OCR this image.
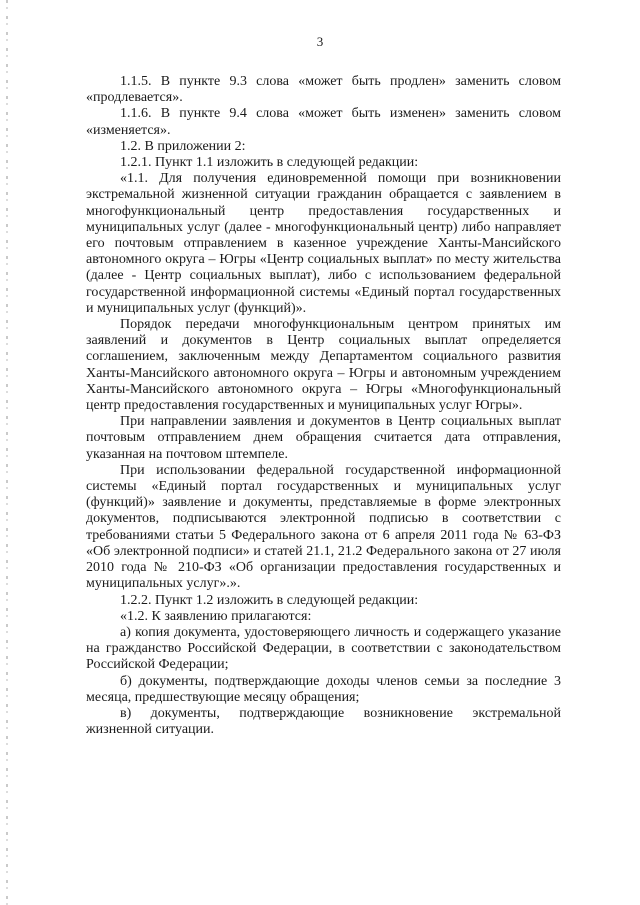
3

1.1.5. В пункте 9.3 слова «может быть продлен» заменить словом «продлевается».

1.1.6. В пункте 9.4 слова «может быть изменен» заменить словом «изменяется».

1.2. В приложении 2:

1.2.1. Пункт 1.1 изложить в следующей редакции:

«1.1. Для получения единовременной помощи при возникновении экстремальной жизненной ситуации гражданин обращается с заявлением в многофункциональный центр предоставления государственных и муниципальных услуг (далее - многофункциональный центр) либо направляет его почтовым отправлением в казенное учреждение Ханты-Мансийского автономного округа – Югры «Центр социальных выплат» по месту жительства (далее - Центр социальных выплат), либо с использованием федеральной государственной информационной системы «Единый портал государственных и муниципальных услуг (функций)».

Порядок передачи многофункциональным центром принятых им заявлений и документов в Центр социальных выплат определяется соглашением, заключенным между Департаментом социального развития Ханты-Мансийского автономного округа – Югры и автономным учреждением Ханты-Мансийского автономного округа – Югры «Многофункциональный центр предоставления государственных и муниципальных услуг Югры».

При направлении заявления и документов в Центр социальных выплат почтовым отправлением днем обращения считается дата отправления, указанная на почтовом штемпеле.

При использовании федеральной государственной информационной системы «Единый портал государственных и муниципальных услуг (функций)» заявление и документы, представляемые в форме электронных документов, подписываются электронной подписью в соответствии с требованиями статьи 5 Федерального закона от 6 апреля 2011 года № 63-ФЗ «Об электронной подписи» и статей 21.1, 21.2 Федерального закона от 27 июля 2010 года № 210-ФЗ «Об организации предоставления государственных и муниципальных услуг».».

1.2.2. Пункт 1.2 изложить в следующей редакции:

«1.2. К заявлению прилагаются:

а) копия документа, удостоверяющего личность и содержащего указание на гражданство Российской Федерации, в соответствии с законодательством Российской Федерации;

б) документы, подтверждающие доходы членов семьи за последние 3 месяца, предшествующие месяцу обращения;

в) документы, подтверждающие возникновение экстремальной жизненной ситуации.
